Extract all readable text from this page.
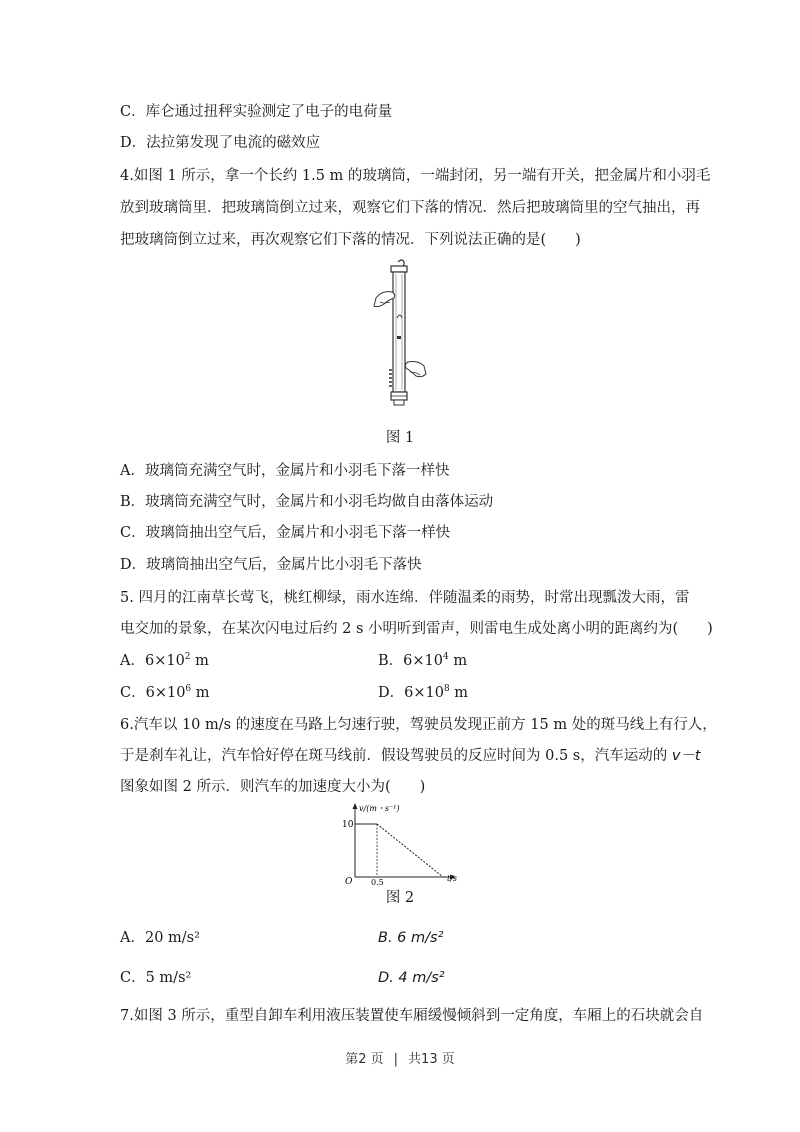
C．库仑通过扭秤实验测定了电子的电荷量
D．法拉第发现了电流的磁效应
4.如图 1 所示，拿一个长约 1.5 m 的玻璃筒，一端封闭，另一端有开关，把金属片和小羽毛
放到玻璃筒里．把玻璃筒倒立过来，观察它们下落的情况．然后把玻璃筒里的空气抽出，再
把玻璃筒倒立过来，再次观察它们下落的情况．下列说法正确的是(　　)
图 1
A．玻璃筒充满空气时，金属片和小羽毛下落一样快
B．玻璃筒充满空气时，金属片和小羽毛均做自由落体运动
C．玻璃筒抽出空气后，金属片和小羽毛下落一样快
D．玻璃筒抽出空气后，金属片比小羽毛下落快
5. 四月的江南草长莺飞，桃红柳绿，雨水连绵．伴随温柔的雨势，时常出现瓢泼大雨，雷
电交加的景象，在某次闪电过后约 2 s 小明听到雷声，则雷电生成处离小明的距离约为(　　)
A．$6\times 10^2$ m	B．$6\times 10^4$ m
C．$6\times 10^6$ m	D．$6\times 10^8$ m
6.汽车以 10 m/s 的速度在马路上匀速行驶，驾驶员发现正前方 15 m 处的斑马线上有行人，
于是刹车礼让，汽车恰好停在斑马线前．假设驾驶员的反应时间为 0.5 s，汽车运动的 v－t
图象如图 2 所示．则汽车的加速度大小为(　　)
10
0.5
v/(m・s⁻¹)
t/s
O
图 2
A．20 m/s²	B. 6 m/s²
C．5 m/s²	D. 4 m/s²
7.如图 3 所示，重型自卸车利用液压装置使车厢缓慢倾斜到一定角度，车厢上的石块就会自
第2 页 | 共13 页
